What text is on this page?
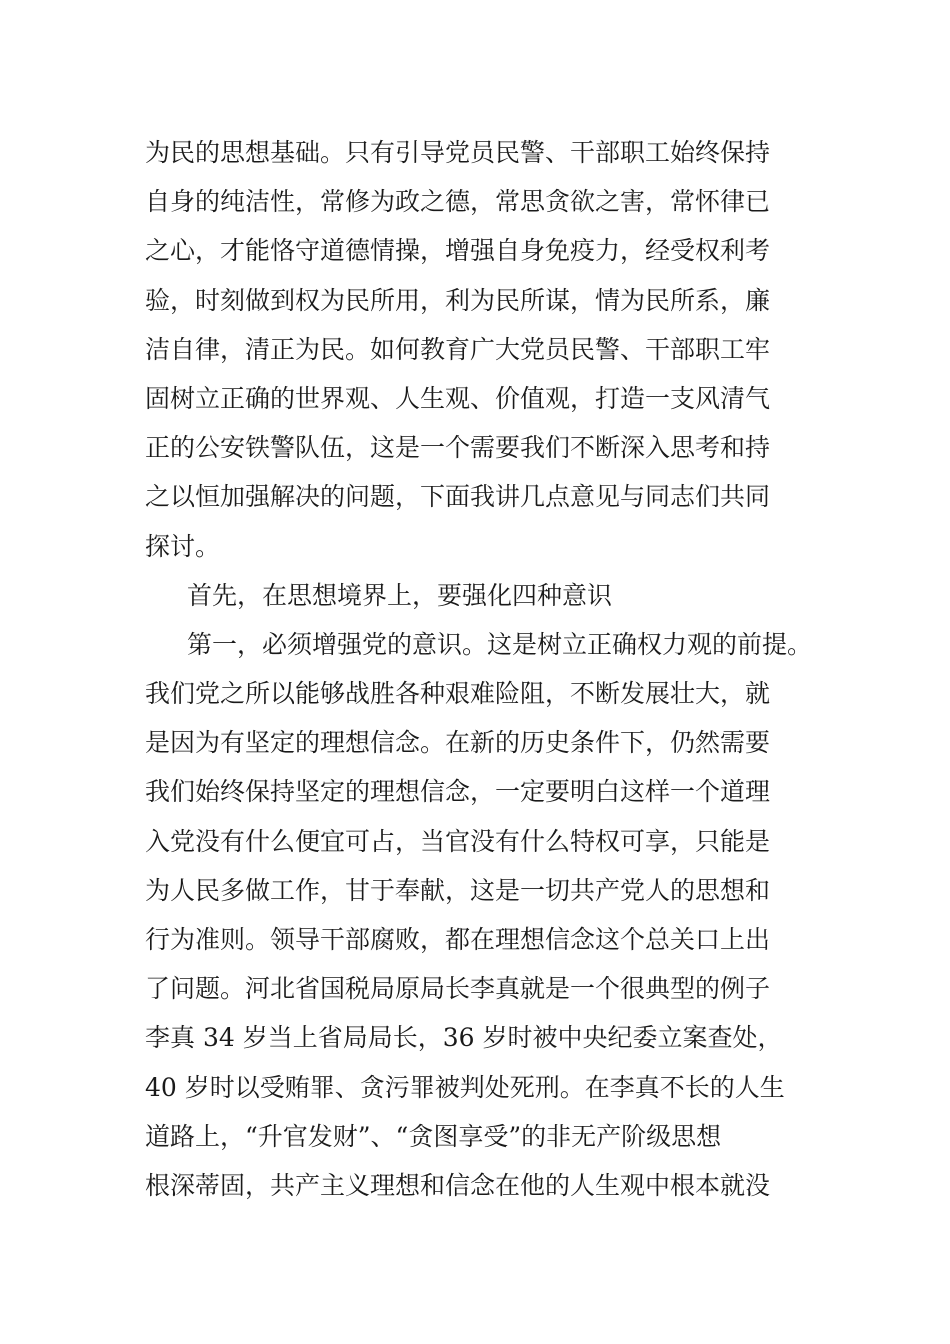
为民的思想基础。只有引导党员民警、干部职工始终保持
自身的纯洁性，常修为政之德，常思贪欲之害，常怀律已
之心，才能恪守道德情操，增强自身免疫力，经受权利考
验，时刻做到权为民所用，利为民所谋，情为民所系，廉
洁自律，清正为民。如何教育广大党员民警、干部职工牢
固树立正确的世界观、人生观、价值观，打造一支风清气
正的公安铁警队伍，这是一个需要我们不断深入思考和持
之以恒加强解决的问题，下面我讲几点意见与同志们共同
探讨。
首先，在思想境界上，要强化四种意识
第一，必须增强党的意识。这是树立正确权力观的前提。
我们党之所以能够战胜各种艰难险阻，不断发展壮大，就
是因为有坚定的理想信念。在新的历史条件下，仍然需要
我们始终保持坚定的理想信念，一定要明白这样一个道理
入党没有什么便宜可占，当官没有什么特权可享，只能是
为人民多做工作，甘于奉献，这是一切共产党人的思想和
行为准则。领导干部腐败，都在理想信念这个总关口上出
了问题。河北省国税局原局长李真就是一个很典型的例子
李真 34 岁当上省局局长，36 岁时被中央纪委立案查处，
40 岁时以受贿罪、贪污罪被判处死刑。在李真不长的人生
道路上，“升官发财”、“贪图享受”的非无产阶级思想
根深蒂固，共产主义理想和信念在他的人生观中根本就没
